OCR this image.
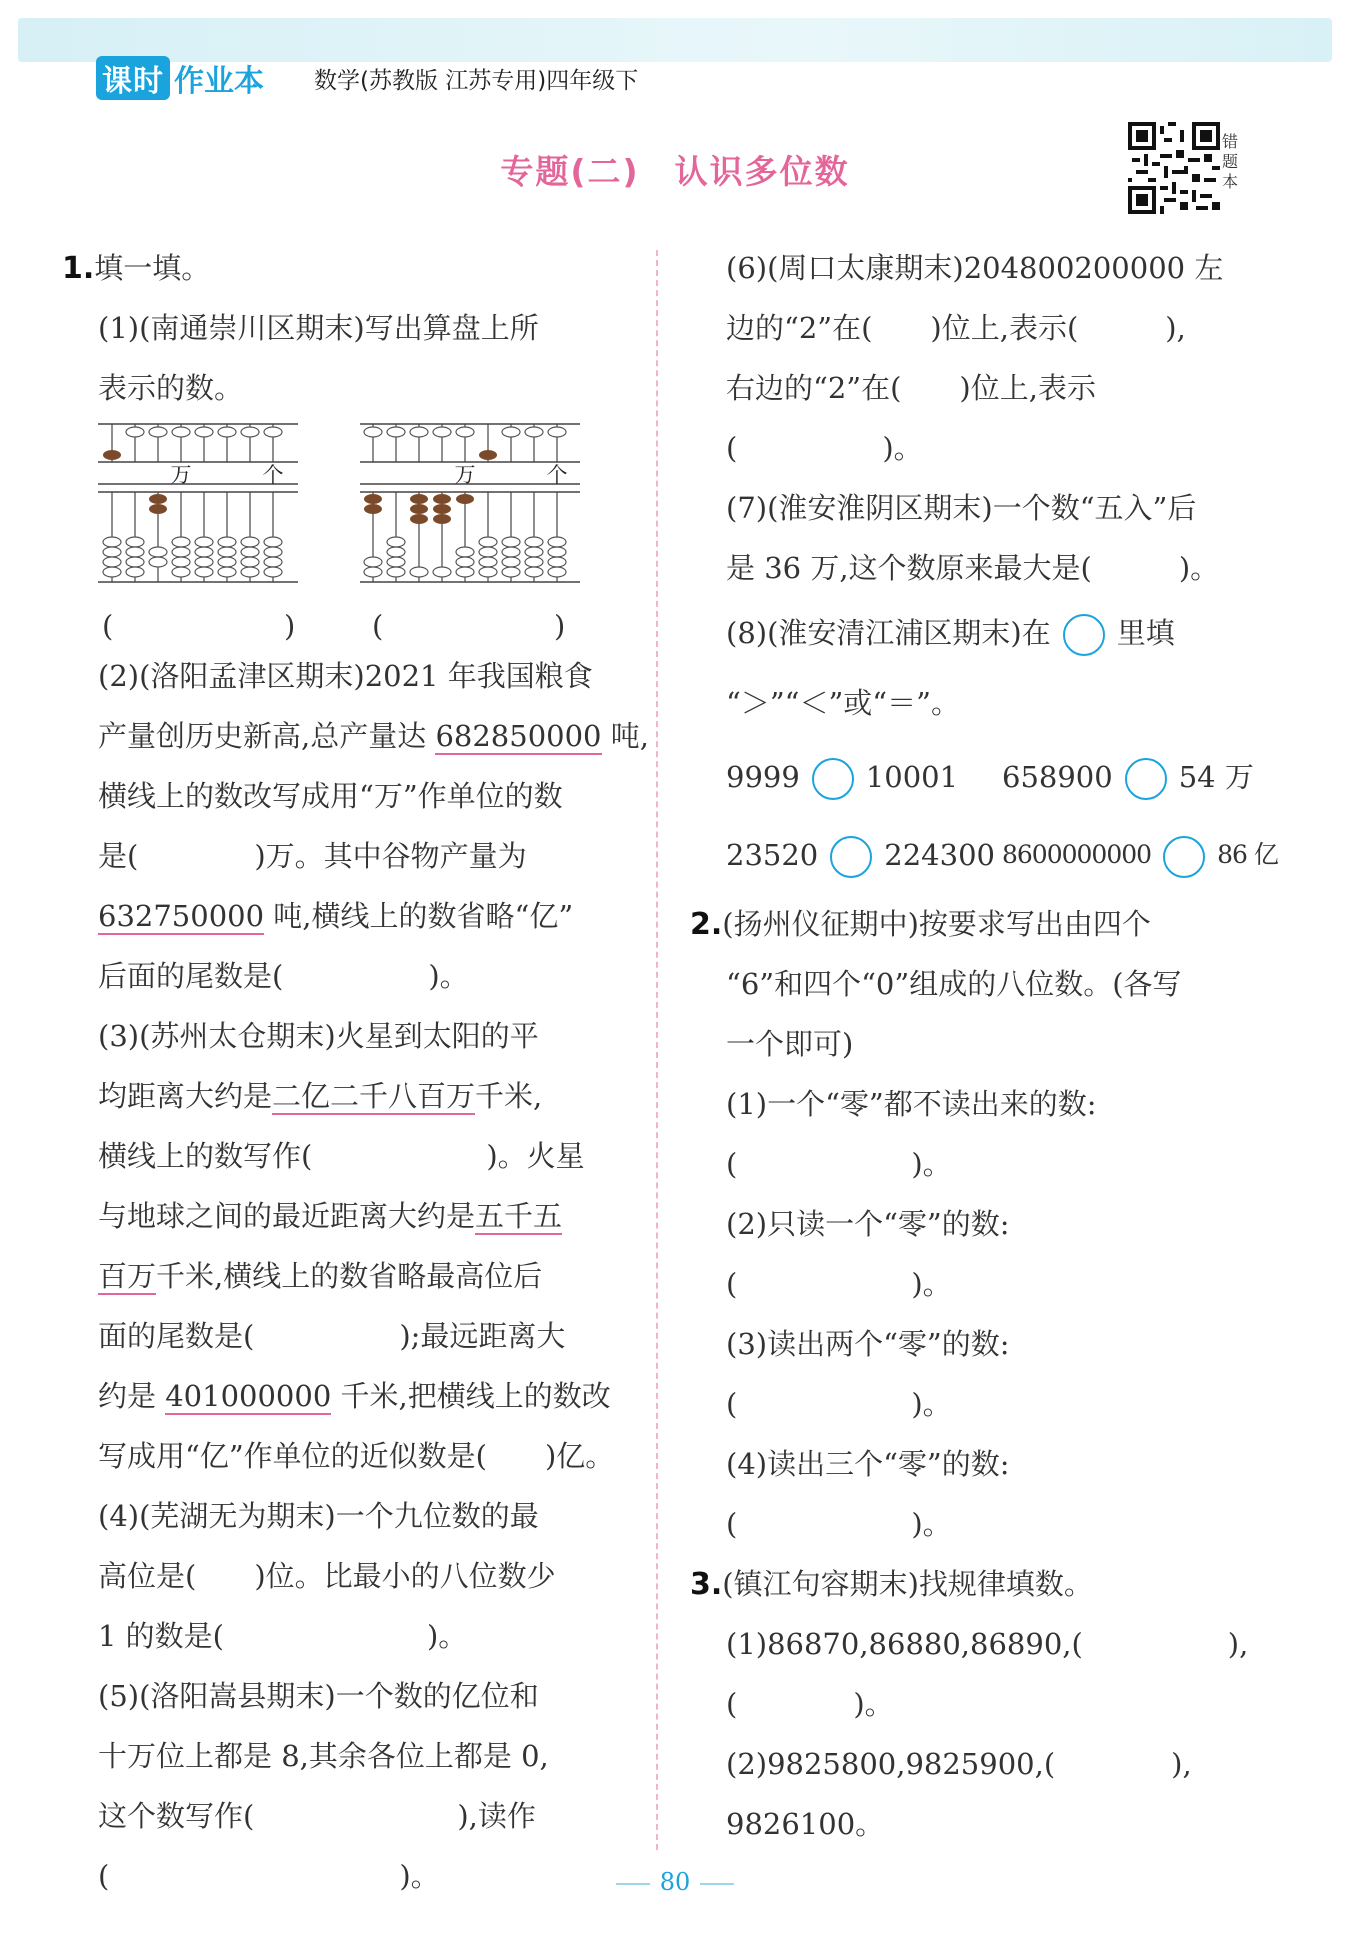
课时 作业本 数学(苏教版 江苏专用)四年级下
专题(二)　认识多位数
错题本
1.填一填。
(1)(南通崇川区期末)写出算盘上所
表示的数。
万	个	万	个
(	)	(	)
(2)(洛阳孟津区期末)2021 年我国粮食
产量创历史新高,总产量达 682850000 吨,
横线上的数改写成用“万”作单位的数
是(　　　　)万。其中谷物产量为
632750000 吨,横线上的数省略“亿”
后面的尾数是(　　　　　)。
(3)(苏州太仓期末)火星到太阳的平
均距离大约是二亿二千八百万千米,
横线上的数写作(　　　　　　)。火星
与地球之间的最近距离大约是五千五
百万千米,横线上的数省略最高位后
面的尾数是(　　　　　);最远距离大
约是 401000000 千米,把横线上的数改
写成用“亿”作单位的近似数是(　　)亿。
(4)(芜湖无为期末)一个九位数的最
高位是(　　)位。比最小的八位数少
1 的数是(　　　　　　　)。
(5)(洛阳嵩县期末)一个数的亿位和
十万位上都是 8,其余各位上都是 0,
这个数写作(　　　　　　　),读作
(　　　　　　　　　　)。
(6)(周口太康期末)204800200000 左
边的“2”在(　　)位上,表示(　　　),
右边的“2”在(　　)位上,表示
(　　　　　)。
(7)(淮安淮阴区期末)一个数“五入”后
是 36 万,这个数原来最大是(　　　)。
(8)(淮安清江浦区期末)在 里填
“＞”“＜”或“＝”。
9999 10001 658900 54 万
23520 224300 8600000000	86 亿
2.(扬州仪征期中)按要求写出由四个
“6”和四个“0”组成的八位数。(各写
一个即可)
(1)一个“零”都不读出来的数:
(　　　　　　)。
(2)只读一个“零”的数:
(　　　　　　)。
(3)读出两个“零”的数:
(　　　　　　)。
(4)读出三个“零”的数:
(　　　　　　)。
3.(镇江句容期末)找规律填数。
(1)86870,86880,86890,(　　　　　),
(　　　　)。
(2)9825800,9825900,(　　　　),
9826100。
80
